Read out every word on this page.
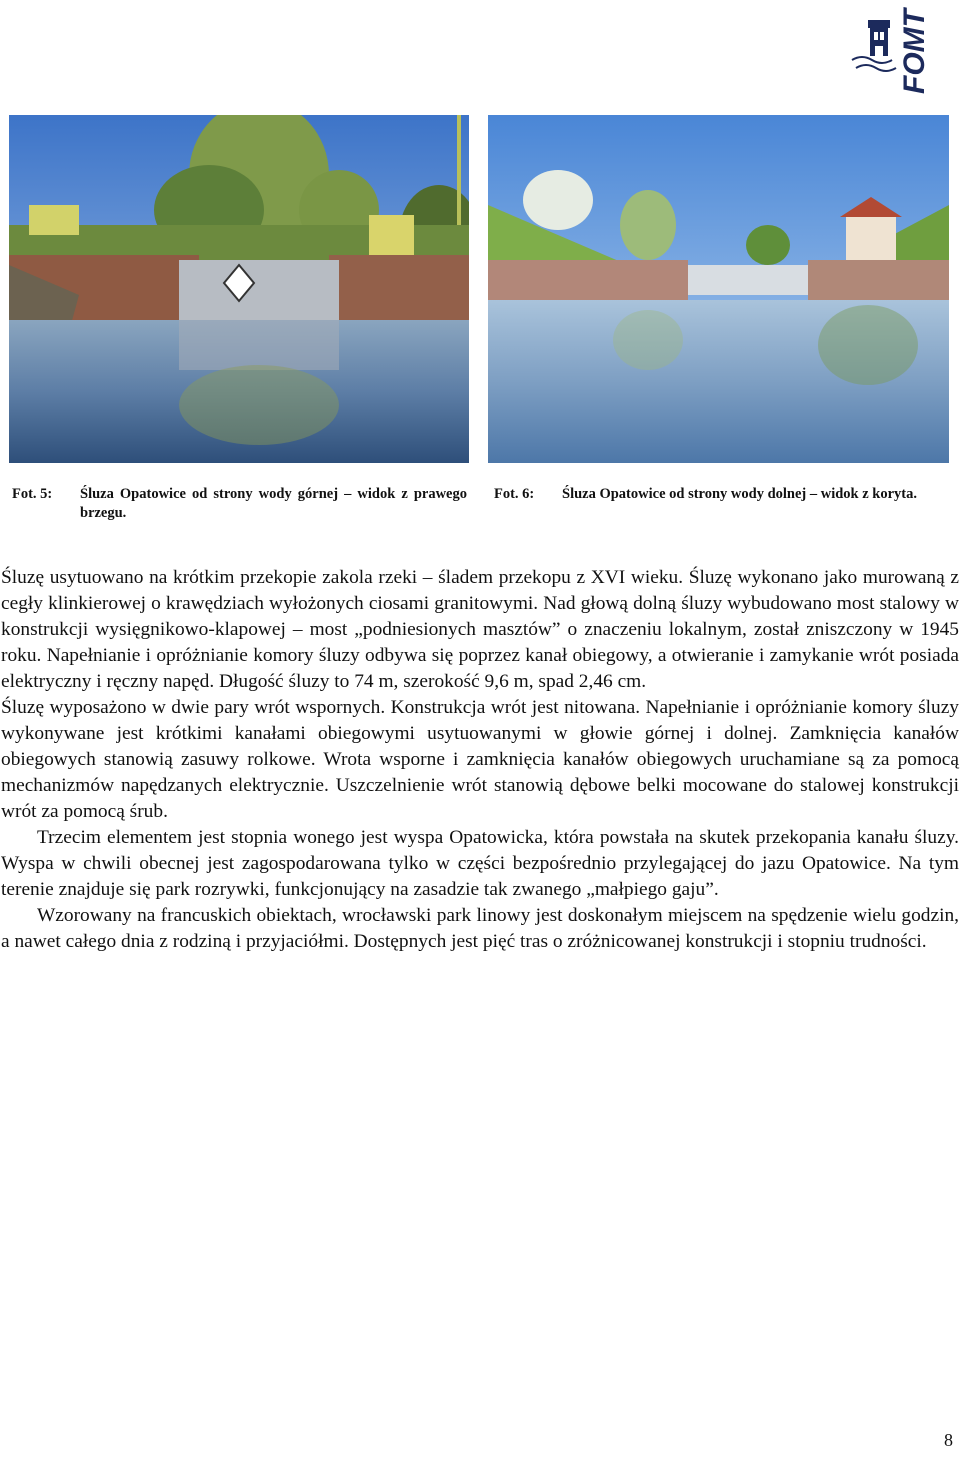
FOMT
Fot. 5:	Śluza Opatowice od strony wody górnej – widok z prawego brzegu.
Fot. 6:	Śluza Opatowice od strony wody dolnej – widok z koryta.

Śluzę usytuowano na krótkim przekopie zakola rzeki – śladem przekopu z XVI wieku. Śluzę wykonano jako murowaną z cegły klinkierowej o krawędziach wyłożonych ciosami granitowymi. Nad głową dolną śluzy wybudowano most stalowy w konstrukcji wysięgnikowo-klapowej – most „podniesionych masztów” o znaczeniu lokalnym, został zniszczony w 1945 roku. Napełnianie i opróżnianie komory śluzy odbywa się poprzez kanał obiegowy, a otwieranie i zamykanie wrót posiada elektryczny i ręczny napęd. Długość śluzy to 74 m, szerokość 9,6 m, spad 2,46 cm.

Śluzę wyposażono w dwie pary wrót wspornych. Konstrukcja wrót jest nitowana. Napełnianie i opróżnianie komory śluzy wykonywane jest krótkimi kanałami obiegowymi usytuowanymi w głowie górnej i dolnej. Zamknięcia kanałów obiegowych stanowią zasuwy rolkowe. Wrota wsporne i zamknięcia kanałów obiegowych uruchamiane są za pomocą mechanizmów napędzanych elektrycznie. Uszczelnienie wrót stanowią dębowe belki mocowane do stalowej konstrukcji wrót za pomocą śrub.

Trzecim elementem jest stopnia wonego jest wyspa Opatowicka, która powstała na skutek przekopania kanału śluzy. Wyspa w chwili obecnej jest zagospodarowana tylko w części bezpośrednio przylegającej do jazu Opatowice. Na tym terenie znajduje się park rozrywki, funkcjonujący na zasadzie tak zwanego „małpiego gaju”.

Wzorowany na francuskich obiektach, wrocławski park linowy jest doskonałym miejscem na spędzenie wielu godzin, a nawet całego dnia z rodziną i przyjaciółmi. Dostępnych jest pięć tras o zróżnicowanej konstrukcji i stopniu trudności.

8
